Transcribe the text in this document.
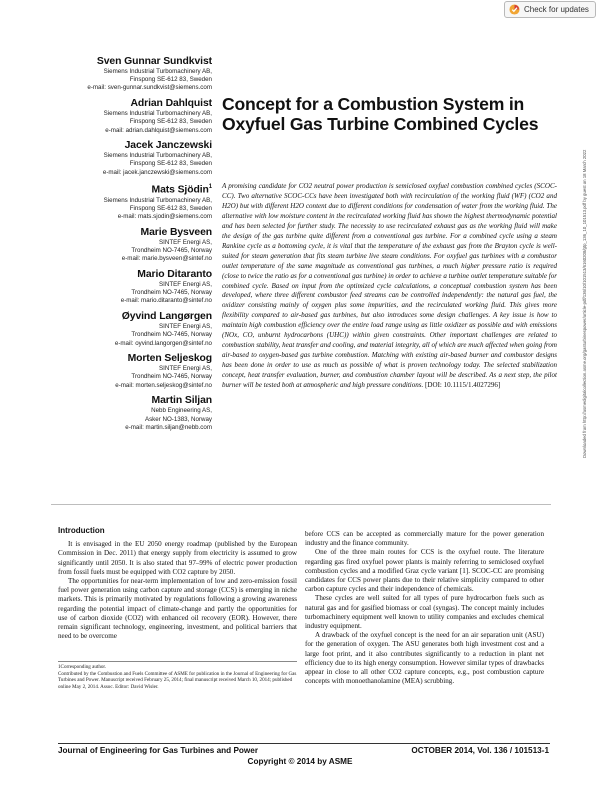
Check for updates
Sven Gunnar Sundkvist
Siemens Industrial Turbomachinery AB,
Finspong SE-612 83, Sweden
e-mail: sven-gunnar.sundkvist@siemens.com
Adrian Dahlquist
Siemens Industrial Turbomachinery AB,
Finspong SE-612 83, Sweden
e-mail: adrian.dahlquist@siemens.com
Jacek Janczewski
Siemens Industrial Turbomachinery AB,
Finspong SE-612 83, Sweden
e-mail: jacek.janczewski@siemens.com
Mats Sjödin$^1$
Siemens Industrial Turbomachinery AB,
Finspong SE-612 83, Sweden
e-mail: mats.sjodin@siemens.com
Marie Bysveen
SINTEF Energi AS,
Trondheim NO-7465, Norway
e-mail: marie.bysveen@sintef.no
Mario Ditaranto
SINTEF Energi AS,
Trondheim NO-7465, Norway
e-mail: mario.ditaranto@sintef.no
Øyvind Langørgen
SINTEF Energi AS,
Trondheim NO-7465, Norway
e-mail: oyvind.langorgen@sintef.no
Morten Seljeskog
SINTEF Energi AS,
Trondheim NO-7465, Norway
e-mail: morten.seljeskog@sintef.no
Martin Siljan
Nebb Engineering AS,
Asker NO-1383, Norway
e-mail: martin.siljan@nebb.com
Concept for a Combustion System in Oxyfuel Gas Turbine Combined Cycles
A promising candidate for CO2 neutral power production is semiclosed oxyfuel combustion combined cycles (SCOC-CC). Two alternative SCOC-CCs have been investigated both with recirculation of the working fluid (WF) (CO2 and H2O) but with different H2O content due to different conditions for condensation of water from the working fluid. The alternative with low moisture content in the recirculated working fluid has shown the highest thermodynamic potential and has been selected for further study. The necessity to use recirculated exhaust gas as the working fluid will make the design of the gas turbine quite different from a conventional gas turbine. For a combined cycle using a steam Rankine cycle as a bottoming cycle, it is vital that the temperature of the exhaust gas from the Brayton cycle is well-suited for steam generation that fits steam turbine live steam conditions. For oxyfuel gas turbines with a combustor outlet temperature of the same magnitude as conventional gas turbines, a much higher pressure ratio is required (close to twice the ratio as for a conventional gas turbine) in order to achieve a turbine outlet temperature suitable for combined cycle. Based on input from the optimized cycle calculations, a conceptual combustion system has been developed, where three different combustor feed streams can be controlled independently: the natural gas fuel, the oxidizer consisting mainly of oxygen plus some impurities, and the recirculated working fluid. This gives more flexibility compared to air-based gas turbines, but also introduces some design challenges. A key issue is how to maintain high combustion efficiency over the entire load range using as little oxidizer as possible and with emissions (NOx, CO, unburnt hydrocarbons (UHC)) within given constraints. Other important challenges are related to combustion stability, heat transfer and cooling, and material integrity, all of which are much affected when going from air-based to oxygen-based gas turbine combustion. Matching with existing air-based burner and combustor designs has been done in order to use as much as possible of what is proven technology today. The selected stabilization concept, heat transfer evaluation, burner, and combustion chamber layout will be described. As a next step, the pilot burner will be tested both at atmospheric and high pressure conditions. [DOI: 10.1115/1.4027296]	Downloaded from http://asmedigitalcollection.asme.org/gasturbinespower/article-pdf/136/10/101513/6160208/gtp_136_10_101513.pdf by guest on 18 March 2022
Introduction

It is envisaged in the EU 2050 energy roadmap (published by the European Commission in Dec. 2011) that energy supply from electricity is assumed to grow significantly until 2050. It is also stated that 97–99% of electric power production from fossil fuels must be equipped with CO2 capture by 2050.

The opportunities for near-term implementation of low and zero-emission fossil fuel power generation using carbon capture and storage (CCS) is emerging in niche markets. This is primarily motivated by regulations following a growing awareness regarding the potential impact of climate-change and partly the opportunities for use of carbon dioxide (CO2) with enhanced oil recovery (EOR). However, there remain significant technology, engineering, investment, and political barriers that need to be overcome

before CCS can be accepted as commercially mature for the power generation industry and the finance community.

One of the three main routes for CCS is the oxyfuel route. The literature regarding gas fired oxyfuel power plants is mainly referring to semiclosed oxyfuel combustion cycles and a modified Graz cycle variant [1]. SCOC-CC are promising candidates for CCS power plants due to their relative simplicity compared to other carbon capture cycles and their independence of chemicals.

These cycles are well suited for all types of pure hydrocarbon fuels such as natural gas and for gasified biomass or coal (syngas). The concept mainly includes turbomachinery equipment well known to utility companies and excludes chemical industry equipment.

A drawback of the oxyfuel concept is the need for an air separation unit (ASU) for the generation of oxygen. The ASU generates both high investment cost and a large foot print, and it also contributes significantly to a reduction in plant net efficiency due to its high energy consumption. However similar types of drawbacks appear in close to all other CO2 capture concepts, e.g., post combustion capture concepts with monoethanolamine (MEA) scrubbing.

1Corresponding author.

Contributed by the Combustion and Fuels Committee of ASME for publication in the Journal of Engineering for Gas Turbines and Power. Manuscript received February 25, 2014; final manuscript received March 10, 2014; published online May 2, 2014. Assoc. Editor: David Wisler.

Journal of Engineering for Gas Turbines and Power	OCTOBER 2014, Vol. 136 / 101513-1
Copyright © 2014 by ASME
